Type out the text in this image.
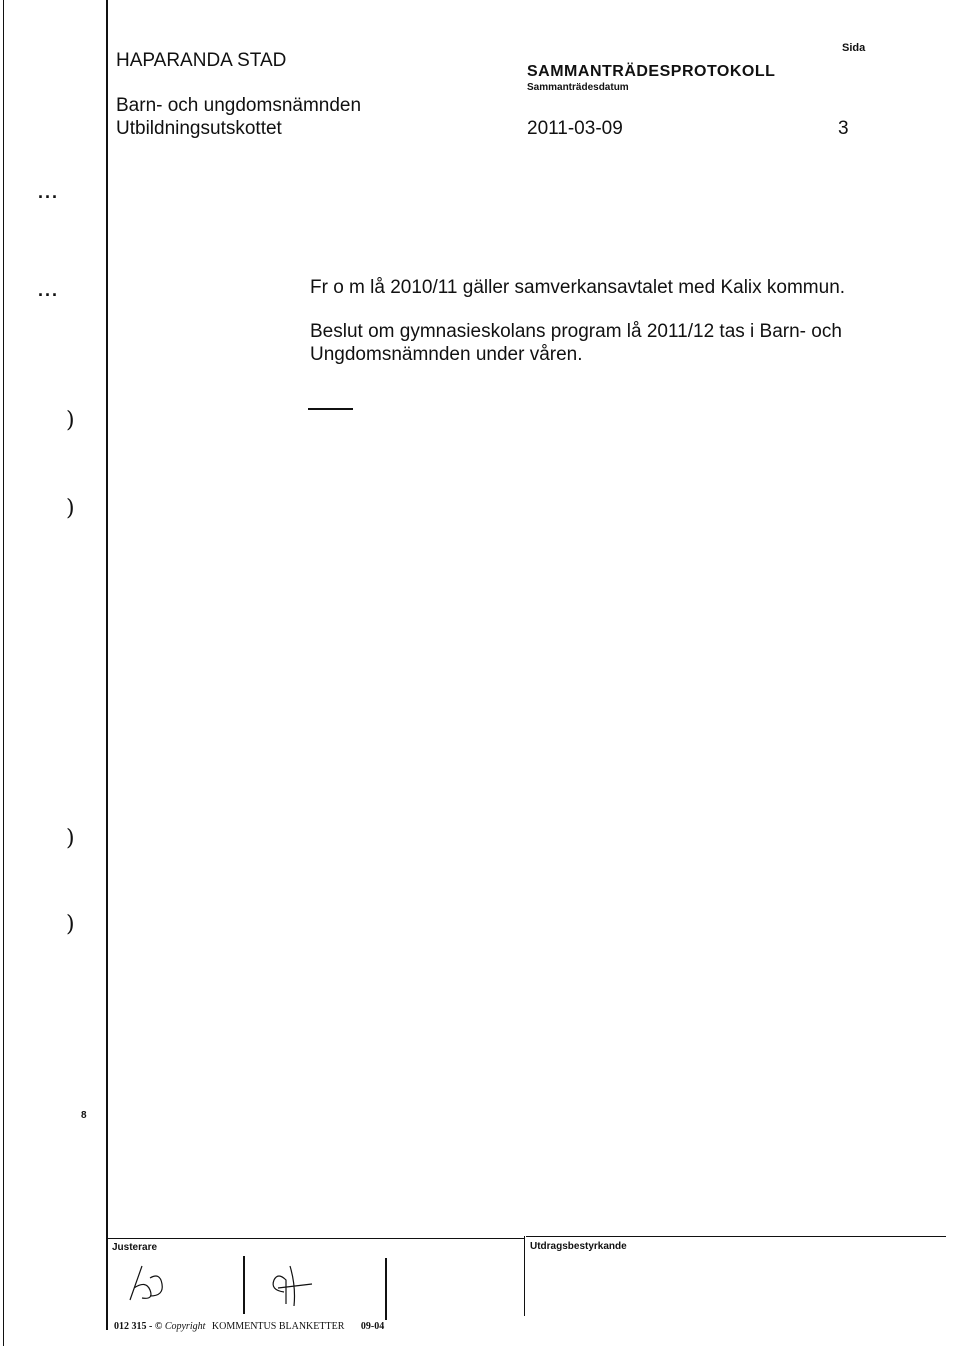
HAPARANDA STAD
Barn- och ungdomsnämnden
Utbildningsutskottet
SAMMANTRÄDESPROTOKOLL
Sammanträdesdatum
2011-03-09
Sida
3
...
...
)
)
)
)
8
Fr o m lå 2010/11 gäller samverkansavtalet med Kalix kommun.
Beslut om gymnasieskolans program lå 2011/12 tas i Barn- och
Ungdomsnämnden under våren.
Justerare	Utdragsbestyrkande
012 315 - © Copyright KOMMENTUS BLANKETTER 09-04
